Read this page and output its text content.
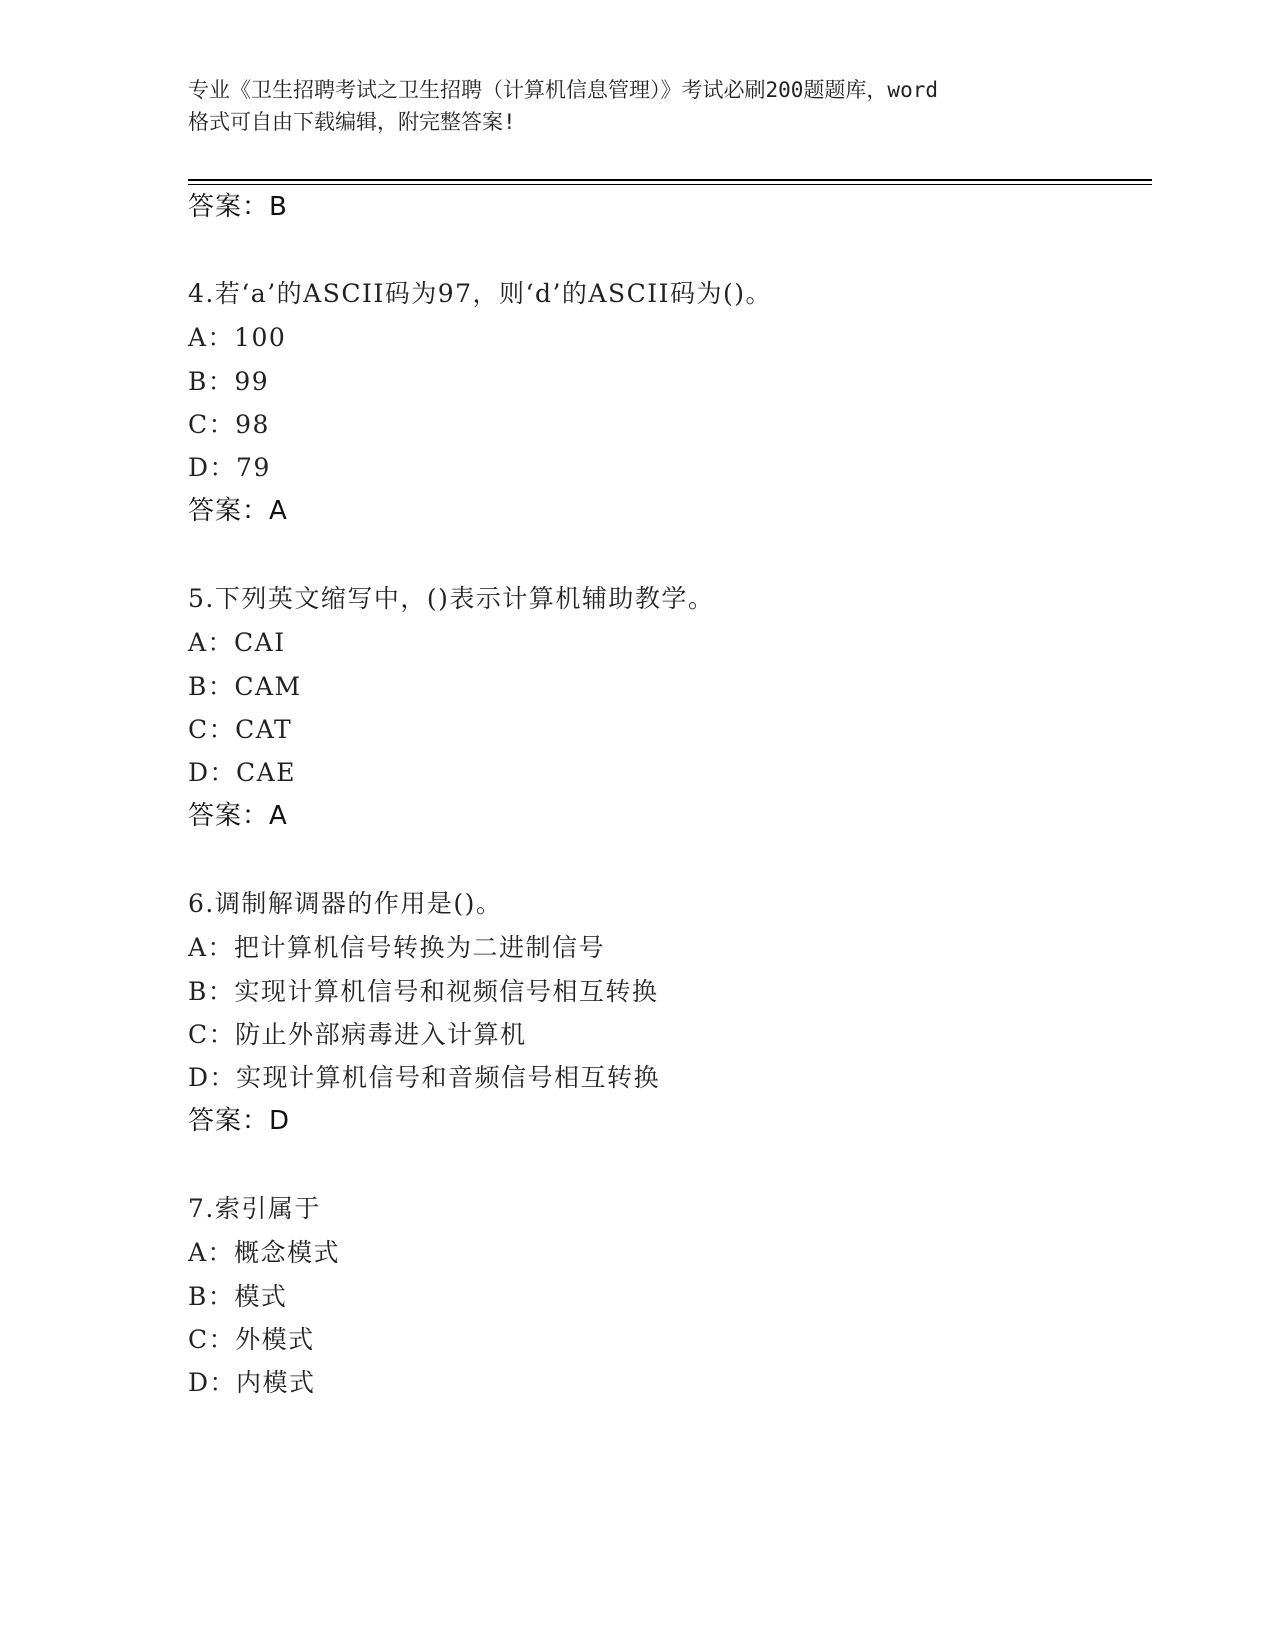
专业《卫生招聘考试之卫生招聘（计算机信息管理）》考试必刷200题题库，word
格式可自由下载编辑，附完整答案!
答案：B
4.若‘a’的ASCII码为97，则‘d’的ASCII码为()。
A：100
B：99
C：98
D：79
答案：A
5.下列英文缩写中，()表示计算机辅助教学。
A：CAI
B：CAM
C：CAT
D：CAE
答案：A
6.调制解调器的作用是()。
A：把计算机信号转换为二进制信号
B：实现计算机信号和视频信号相互转换
C：防止外部病毒进入计算机
D：实现计算机信号和音频信号相互转换
答案：D
7.索引属于
A：概念模式
B：模式
C：外模式
D：内模式
